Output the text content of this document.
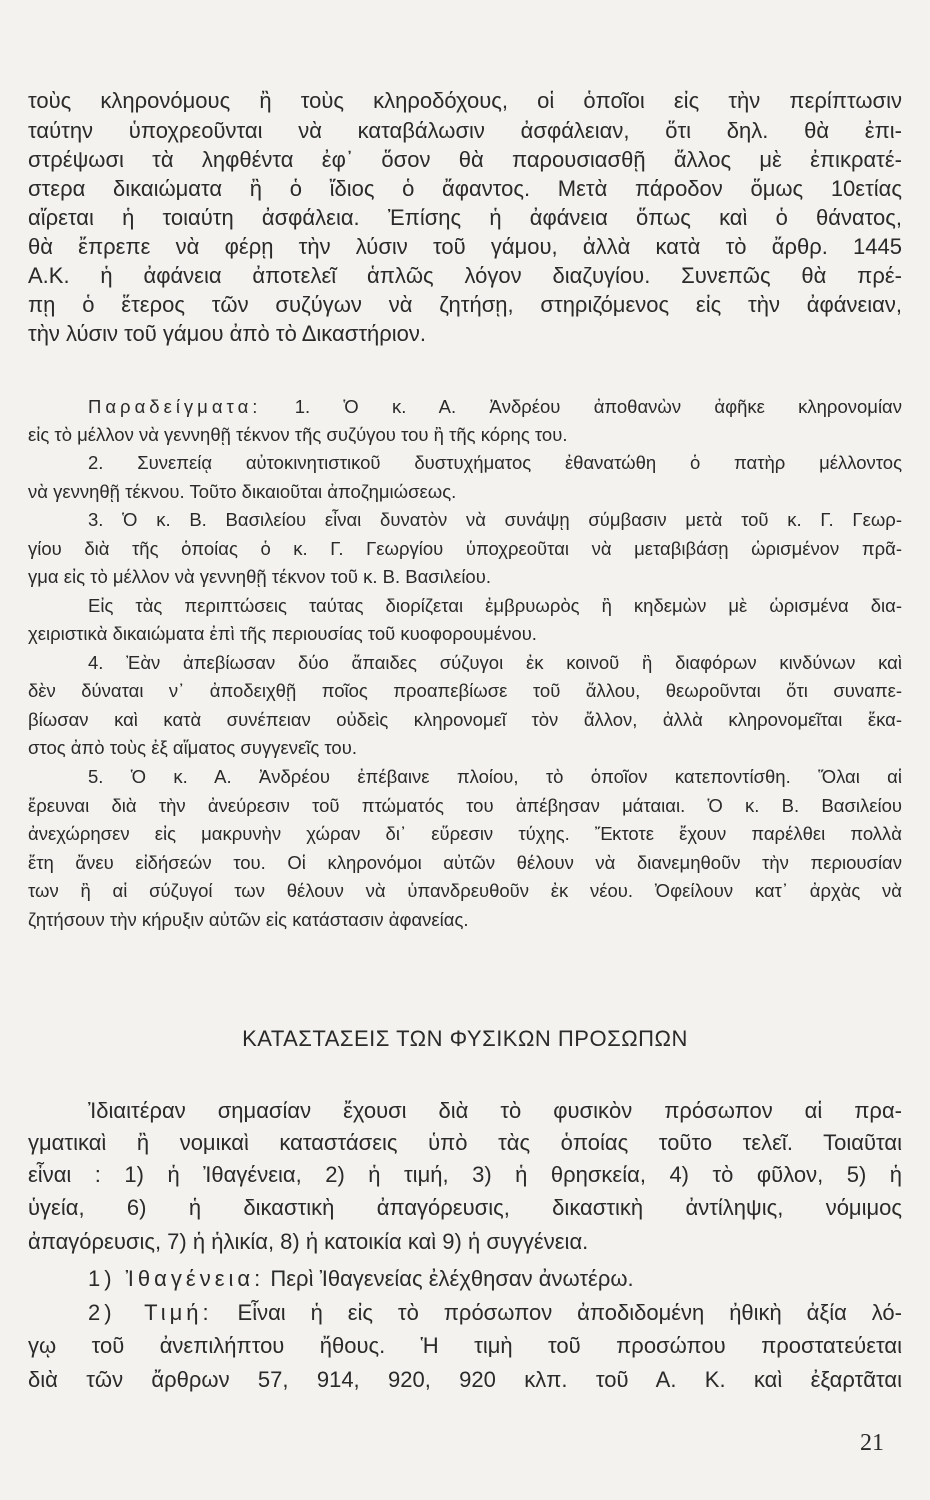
τοὺς κληρονόμους ἢ τοὺς κληροδόχους, οἱ ὁποῖοι εἰς τὴν περίπτωσιν
ταύτην ὑποχρεοῦνται νὰ καταβάλωσιν ἀσφάλειαν, ὅτι δηλ. θὰ ἐπι-
στρέψωσι τὰ ληφθέντα ἐφ᾽ ὅσον θὰ παρουσιασθῇ ἄλλος μὲ ἐπικρατέ-
στερα δικαιώματα ἢ ὁ ἴδιος ὁ ἄφαντος. Μετὰ πάροδον ὅμως 10ετίας
αἴρεται ἡ τοιαύτη ἀσφάλεια. Ἐπίσης ἡ ἀφάνεια ὅπως καὶ ὁ θάνατος,
θὰ ἔπρεπε νὰ φέρῃ τὴν λύσιν τοῦ γάμου, ἀλλὰ κατὰ τὸ ἄρθρ. 1445
Α.Κ. ἡ ἀφάνεια ἀποτελεῖ ἁπλῶς λόγον διαζυγίου. Συνεπῶς θὰ πρέ-
πῃ ὁ ἕτερος τῶν συζύγων νὰ ζητήσῃ, στηριζόμενος εἰς τὴν ἀφάνειαν,
τὴν λύσιν τοῦ γάμου ἀπὸ τὸ Δικαστήριον.
Παραδείγματα: 1. Ὁ κ. Α. Ἀνδρέου ἀποθανὼν ἀφῆκε κληρονομίαν
εἰς τὸ μέλλον νὰ γεννηθῇ τέκνον τῆς συζύγου του ἢ τῆς κόρης του.
2. Συνεπείᾳ αὐτοκινητιστικοῦ δυστυχήματος ἐθανατώθη ὁ πατὴρ μέλλοντος
νὰ γεννηθῇ τέκνου. Τοῦτο δικαιοῦται ἀποζημιώσεως.
3. Ὁ κ. Β. Βασιλείου εἶναι δυνατὸν νὰ συνάψῃ σύμβασιν μετὰ τοῦ κ. Γ. Γεωρ-
γίου διὰ τῆς ὁποίας ὁ κ. Γ. Γεωργίου ὑποχρεοῦται νὰ μεταβιβάσῃ ὡρισμένον πρᾶ-
γμα εἰς τὸ μέλλον νὰ γεννηθῇ τέκνον τοῦ κ. Β. Βασιλείου.
Εἰς τὰς περιπτώσεις ταύτας διορίζεται ἐμβρυωρὸς ἢ κηδεμὼν μὲ ὡρισμένα δια-
χειριστικὰ δικαιώματα ἐπὶ τῆς περιουσίας τοῦ κυοφορουμένου.
4. Ἐὰν ἀπεβίωσαν δύο ἄπαιδες σύζυγοι ἐκ κοινοῦ ἢ διαφόρων κινδύνων καὶ
δὲν δύναται ν᾽ ἀποδειχθῇ ποῖος προαπεβίωσε τοῦ ἄλλου, θεωροῦνται ὅτι συναπε-
βίωσαν καὶ κατὰ συνέπειαν οὐδεὶς κληρονομεῖ τὸν ἄλλον, ἀλλὰ κληρονομεῖται ἕκα-
στος ἀπὸ τοὺς ἐξ αἵματος συγγενεῖς του.
5. Ὁ κ. Α. Ἀνδρέου ἐπέβαινε πλοίου, τὸ ὁποῖον κατεποντίσθη. Ὅλαι αἱ
ἔρευναι διὰ τὴν ἀνεύρεσιν τοῦ πτώματός του ἀπέβησαν μάταιαι. Ὁ κ. Β. Βασιλείου
ἀνεχώρησεν εἰς μακρυνὴν χώραν δι᾽ εὕρεσιν τύχης. Ἔκτοτε ἔχουν παρέλθει πολλὰ
ἔτη ἄνευ εἰδήσεών του. Οἱ κληρονόμοι αὐτῶν θέλουν νὰ διανεμηθοῦν τὴν περιουσίαν
των ἢ αἱ σύζυγοί των θέλουν νὰ ὑπανδρευθοῦν ἐκ νέου. Ὀφείλουν κατ᾽ ἀρχὰς νὰ
ζητήσουν τὴν κήρυξιν αὐτῶν εἰς κατάστασιν ἀφανείας.
ΚΑΤΑΣΤΑΣΕΙΣ ΤΩΝ ΦΥΣΙΚΩΝ ΠΡΟΣΩΠΩΝ
Ἰδιαιτέραν σημασίαν ἔχουσι διὰ τὸ φυσικὸν πρόσωπον αἱ πρα-
γματικαὶ ἢ νομικαὶ καταστάσεις ὑπὸ τὰς ὁποίας τοῦτο τελεῖ. Τοιαῦται
εἶναι : 1) ἡ Ἰθαγένεια, 2) ἡ τιμή, 3) ἡ θρησκεία, 4) τὸ φῦλον, 5) ἡ
ὑγεία, 6) ἡ δικαστικὴ ἀπαγόρευσις, δικαστικὴ ἀντίληψις, νόμιμος
ἀπαγόρευσις, 7) ἡ ἡλικία, 8) ἡ κατοικία καὶ 9) ἡ συγγένεια.
1) Ἰθαγένεια: Περὶ Ἰθαγενείας ἐλέχθησαν ἀνωτέρω.
2) Τιμή: Εἶναι ἡ εἰς τὸ πρόσωπον ἀποδιδομένη ἠθικὴ ἀξία λό-
γῳ τοῦ ἀνεπιλήπτου ἤθους. Ἡ τιμὴ τοῦ προσώπου προστατεύεται
διὰ τῶν ἄρθρων 57, 914, 920, 920 κλπ. τοῦ Α. Κ. καὶ ἐξαρτᾶται
21
